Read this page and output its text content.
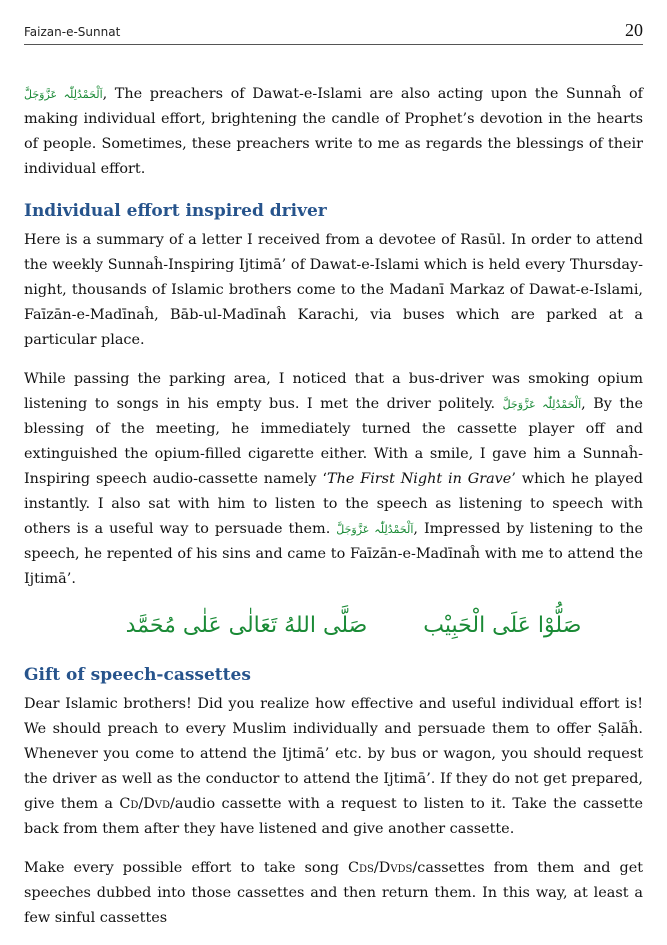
Faizan-e-Sunnat	20

اَلْحَمْدُلِلّٰہ عَزَّوَجَلَّ, The preachers of Dawat-e-Islami are also acting upon the Sunnaĥ of making individual effort, brightening the candle of Prophet’s devotion in the hearts of people. Sometimes, these preachers write to me as regards the blessings of their individual effort.

Individual effort inspired driver

Here is a summary of a letter I received from a devotee of Rasūl. In order to attend the weekly Sunnaĥ-Inspiring Ijtimā’ of Dawat-e-Islami which is held every Thursday-night, thousands of Islamic brothers come to the Madanī Markaz of Dawat-e-Islami, Faīzān-e-Madīnaĥ, Bāb-ul-Madīnaĥ Karachi, via buses which are parked at a particular place.

While passing the parking area, I noticed that a bus-driver was smoking opium listening to songs in his empty bus. I met the driver politely. اَلْحَمْدُلِلّٰہ عَزَّوَجَلَّ, By the blessing of the meeting, he immediately turned the cassette player off and extinguished the opium-filled cigarette either. With a smile, I gave him a Sunnaĥ-Inspiring speech audio-cassette namely ‘The First Night in Grave’ which he played instantly. I also sat with him to listen to the speech as listening to speech with others is a useful way to persuade them. اَلْحَمْدُلِلّٰہ عَزَّوَجَلَّ, Impressed by listening to the speech, he repented of his sins and came to Faīzān-e-Madīnaĥ with me to attend the Ijtimā’.

صَلُّوْا عَلَى الْحَبِيْب
صَلَّى اللهُ تَعَالٰى عَلٰى مُحَمَّد
Gift of speech-cassettes

Dear Islamic brothers! Did you realize how effective and useful individual effort is! We should preach to every Muslim individually and persuade them to offer Ṣalāĥ. Whenever you come to attend the Ijtimā’ etc. by bus or wagon, you should request the driver as well as the conductor to attend the Ijtimā’. If they do not get prepared, give them a Cd/Dvd/audio cassette with a request to listen to it. Take the cassette back from them after they have listened and give another cassette.

Make every possible effort to take song Cds/Dvds/cassettes from them and get speeches dubbed into those cassettes and then return them. In this way, at least a few sinful cassettes
